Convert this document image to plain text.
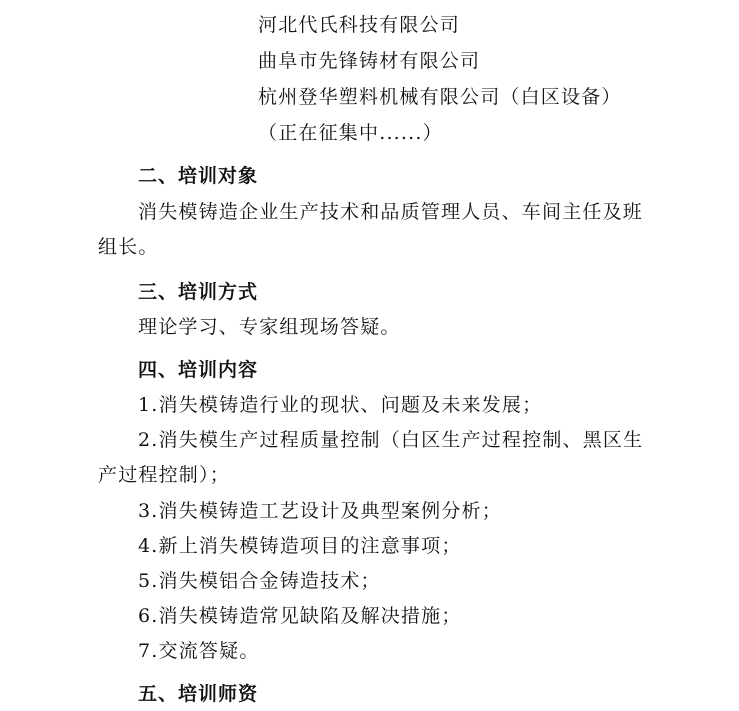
河北代氏科技有限公司
曲阜市先锋铸材有限公司
杭州登华塑料机械有限公司（白区设备）
（正在征集中......）
二、培训对象
消失模铸造企业生产技术和品质管理人员、车间主任及班
组长。
三、培训方式
理论学习、专家组现场答疑。
四、培训内容
1.消失模铸造行业的现状、问题及未来发展；
2.消失模生产过程质量控制（白区生产过程控制、黑区生
产过程控制）；
3.消失模铸造工艺设计及典型案例分析；
4.新上消失模铸造项目的注意事项；
5.消失模铝合金铸造技术；
6.消失模铸造常见缺陷及解决措施；
7.交流答疑。
五、培训师资
